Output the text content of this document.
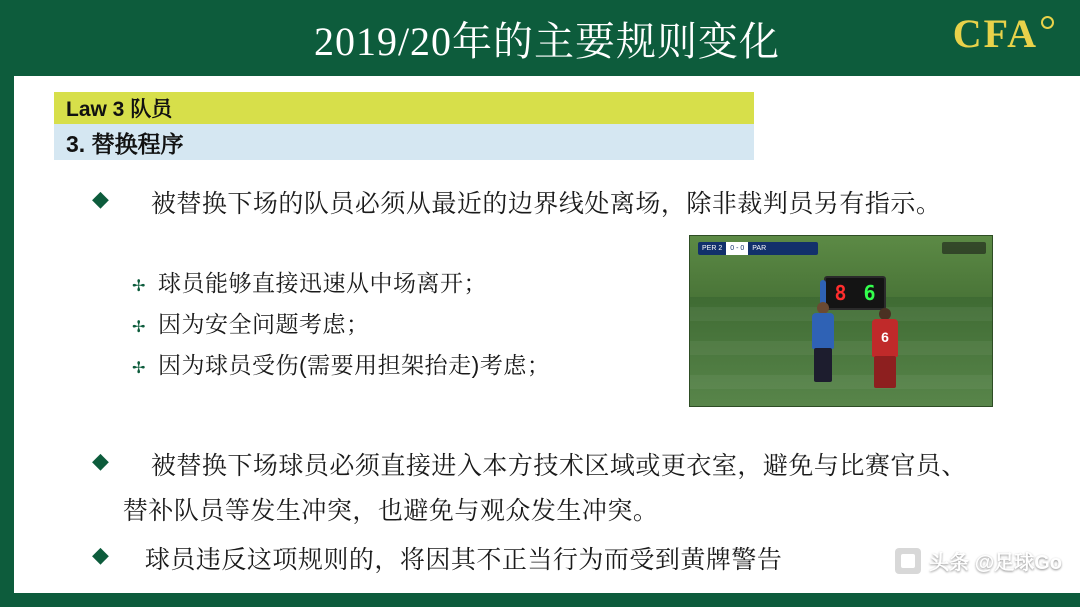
2019/20年的主要规则变化	CFA
Law 3 队员
3. 替换程序
◆	被替换下场的队员必须从最近的边界线处离场，除非裁判员另有指示。
✢ 球员能够直接迅速从中场离开；
✢ 因为安全问题考虑；
✢ 因为球员受伤(需要用担架抬走)考虑；
◆	被替换下场球员必须直接进入本方技术区域或更衣室，避免与比赛官员、替补队员等发生冲突，也避免与观众发生冲突。
◆	球员违反这项规则的，将因其不正当行为而受到黄牌警告
PER 2	0 - 0	PAR
8 6
6
头条 @足球Go
